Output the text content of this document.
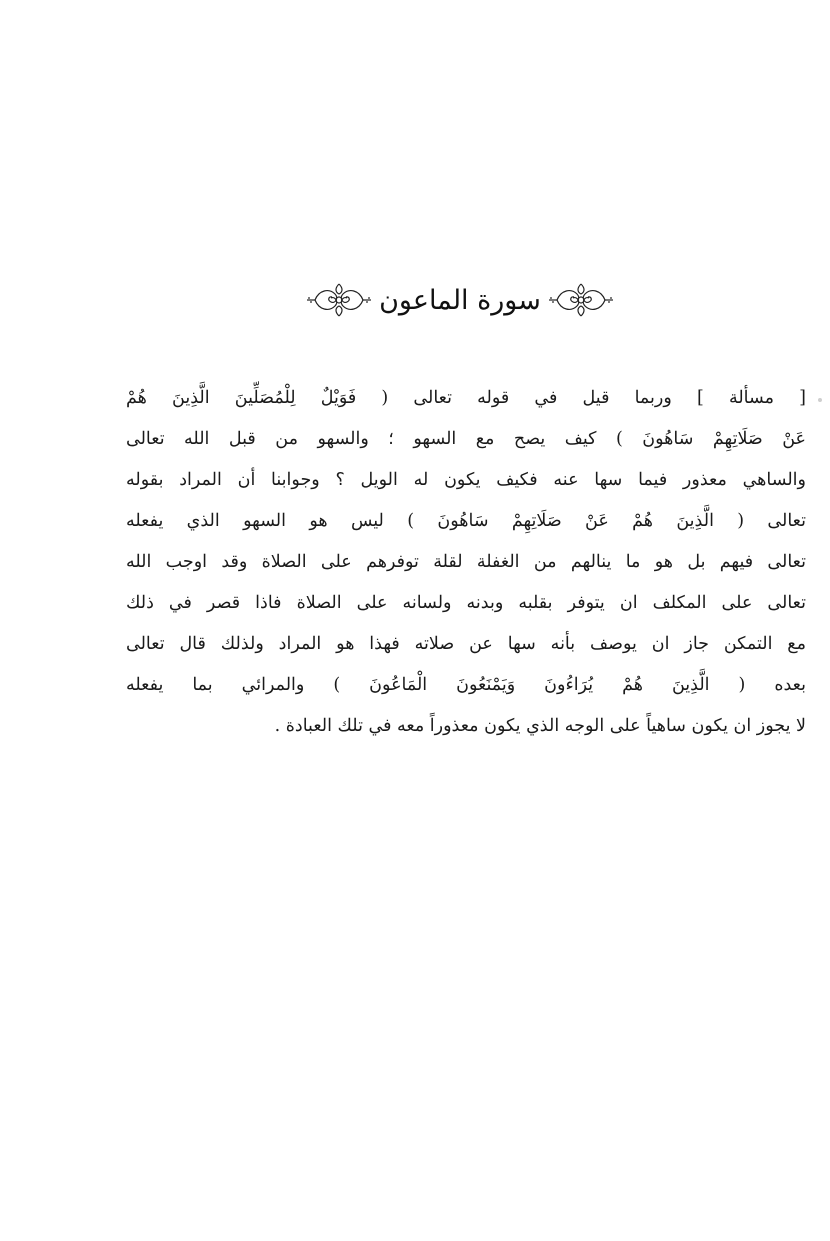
سورة الماعون
[ مسألة ] وربما قيل في قوله تعالى ( فَوَيْلٌ لِلْمُصَلِّينَ الَّذِينَ هُمْ
عَنْ صَلَاتِهِمْ سَاهُونَ ) كيف يصح مع السهو ؛ والسهو من قبل الله تعالى
والساهي معذور فيما سها عنه فكيف يكون له الويل ؟ وجوابنا أن المراد بقوله
تعالى ( الَّذِينَ هُمْ عَنْ صَلَاتِهِمْ سَاهُونَ ) ليس هو السهو الذي يفعله
تعالى فيهم بل هو ما ينالهم من الغفلة لقلة توفرهم على الصلاة وقد اوجب الله
تعالى على المكلف ان يتوفر بقلبه وبدنه ولسانه على الصلاة فاذا قصر في ذلك
مع التمكن جاز ان يوصف بأنه سها عن صلاته فهذا هو المراد ولذلك قال تعالى
بعده ( الَّذِينَ هُمْ يُرَاءُونَ وَيَمْنَعُونَ الْمَاعُونَ ) والمرائي بما يفعله
لا يجوز ان يكون ساهياً على الوجه الذي يكون معذوراً معه في تلك العبادة .
